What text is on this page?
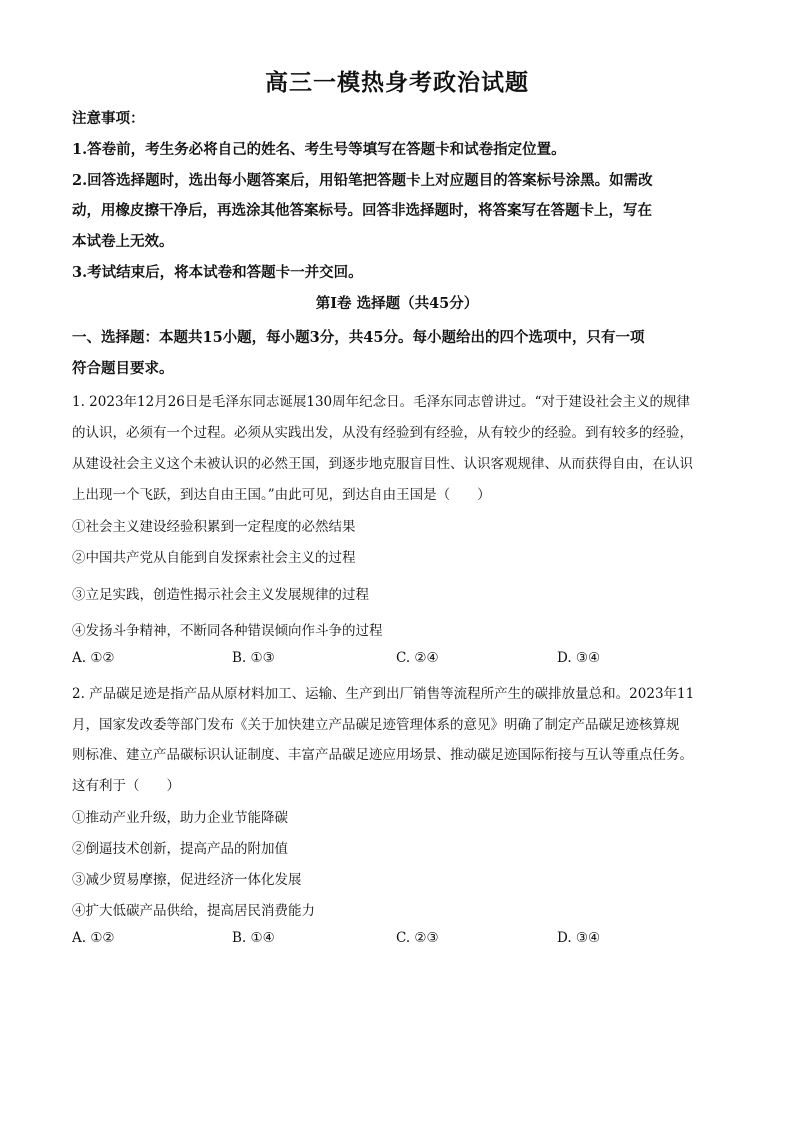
高三一模热身考政治试题
注意事项：
1.答卷前，考生务必将自己的姓名、考生号等填写在答题卡和试卷指定位置。
2.回答选择题时，选出每小题答案后，用铅笔把答题卡上对应题目的答案标号涂黑。如需改
动，用橡皮擦干净后，再选涂其他答案标号。回答非选择题时，将答案写在答题卡上，写在
本试卷上无效。
3.考试结束后，将本试卷和答题卡一并交回。
第Ⅰ卷 选择题（共45分）
一、选择题：本题共15小题，每小题3分，共45分。每小题给出的四个选项中，只有一项
符合题目要求。
1. 2023年12月26日是毛泽东同志诞展130周年纪念日。毛泽东同志曾讲过。“对于建设社会主义的规律
的认识，必须有一个过程。必须从实践出发，从没有经验到有经验，从有较少的经验。到有较多的经验，
从建设社会主义这个未被认识的必然王国，到逐步地克服盲目性、认识客观规律、从而获得自由，在认识
上出现一个飞跃，到达自由王国。”由此可见，到达自由王国是（　　）
①社会主义建设经验积累到一定程度的必然结果
②中国共产党从自能到自发探索社会主义的过程
③立足实践，创造性揭示社会主义发展规律的过程
④发扬斗争精神，不断同各种错误倾向作斗争的过程
A. ①②	B. ①③	C. ②④	D. ③④
2. 产品碳足迹是指产品从原材料加工、运输、生产到出厂销售等流程所产生的碳排放量总和。2023年11
月，国家发改委等部门发布《关于加快建立产品碳足迹管理体系的意见》明确了制定产品碳足迹核算规
则标准、建立产品碳标识认证制度、丰富产品碳足迹应用场景、推动碳足迹国际衔接与互认等重点任务。
这有利于（　　）
①推动产业升级，助力企业节能降碳
②倒逼技术创新，提高产品的附加值
③减少贸易摩擦，促进经济一体化发展
④扩大低碳产品供给，提高居民消费能力
A. ①②	B. ①④	C. ②③	D. ③④
